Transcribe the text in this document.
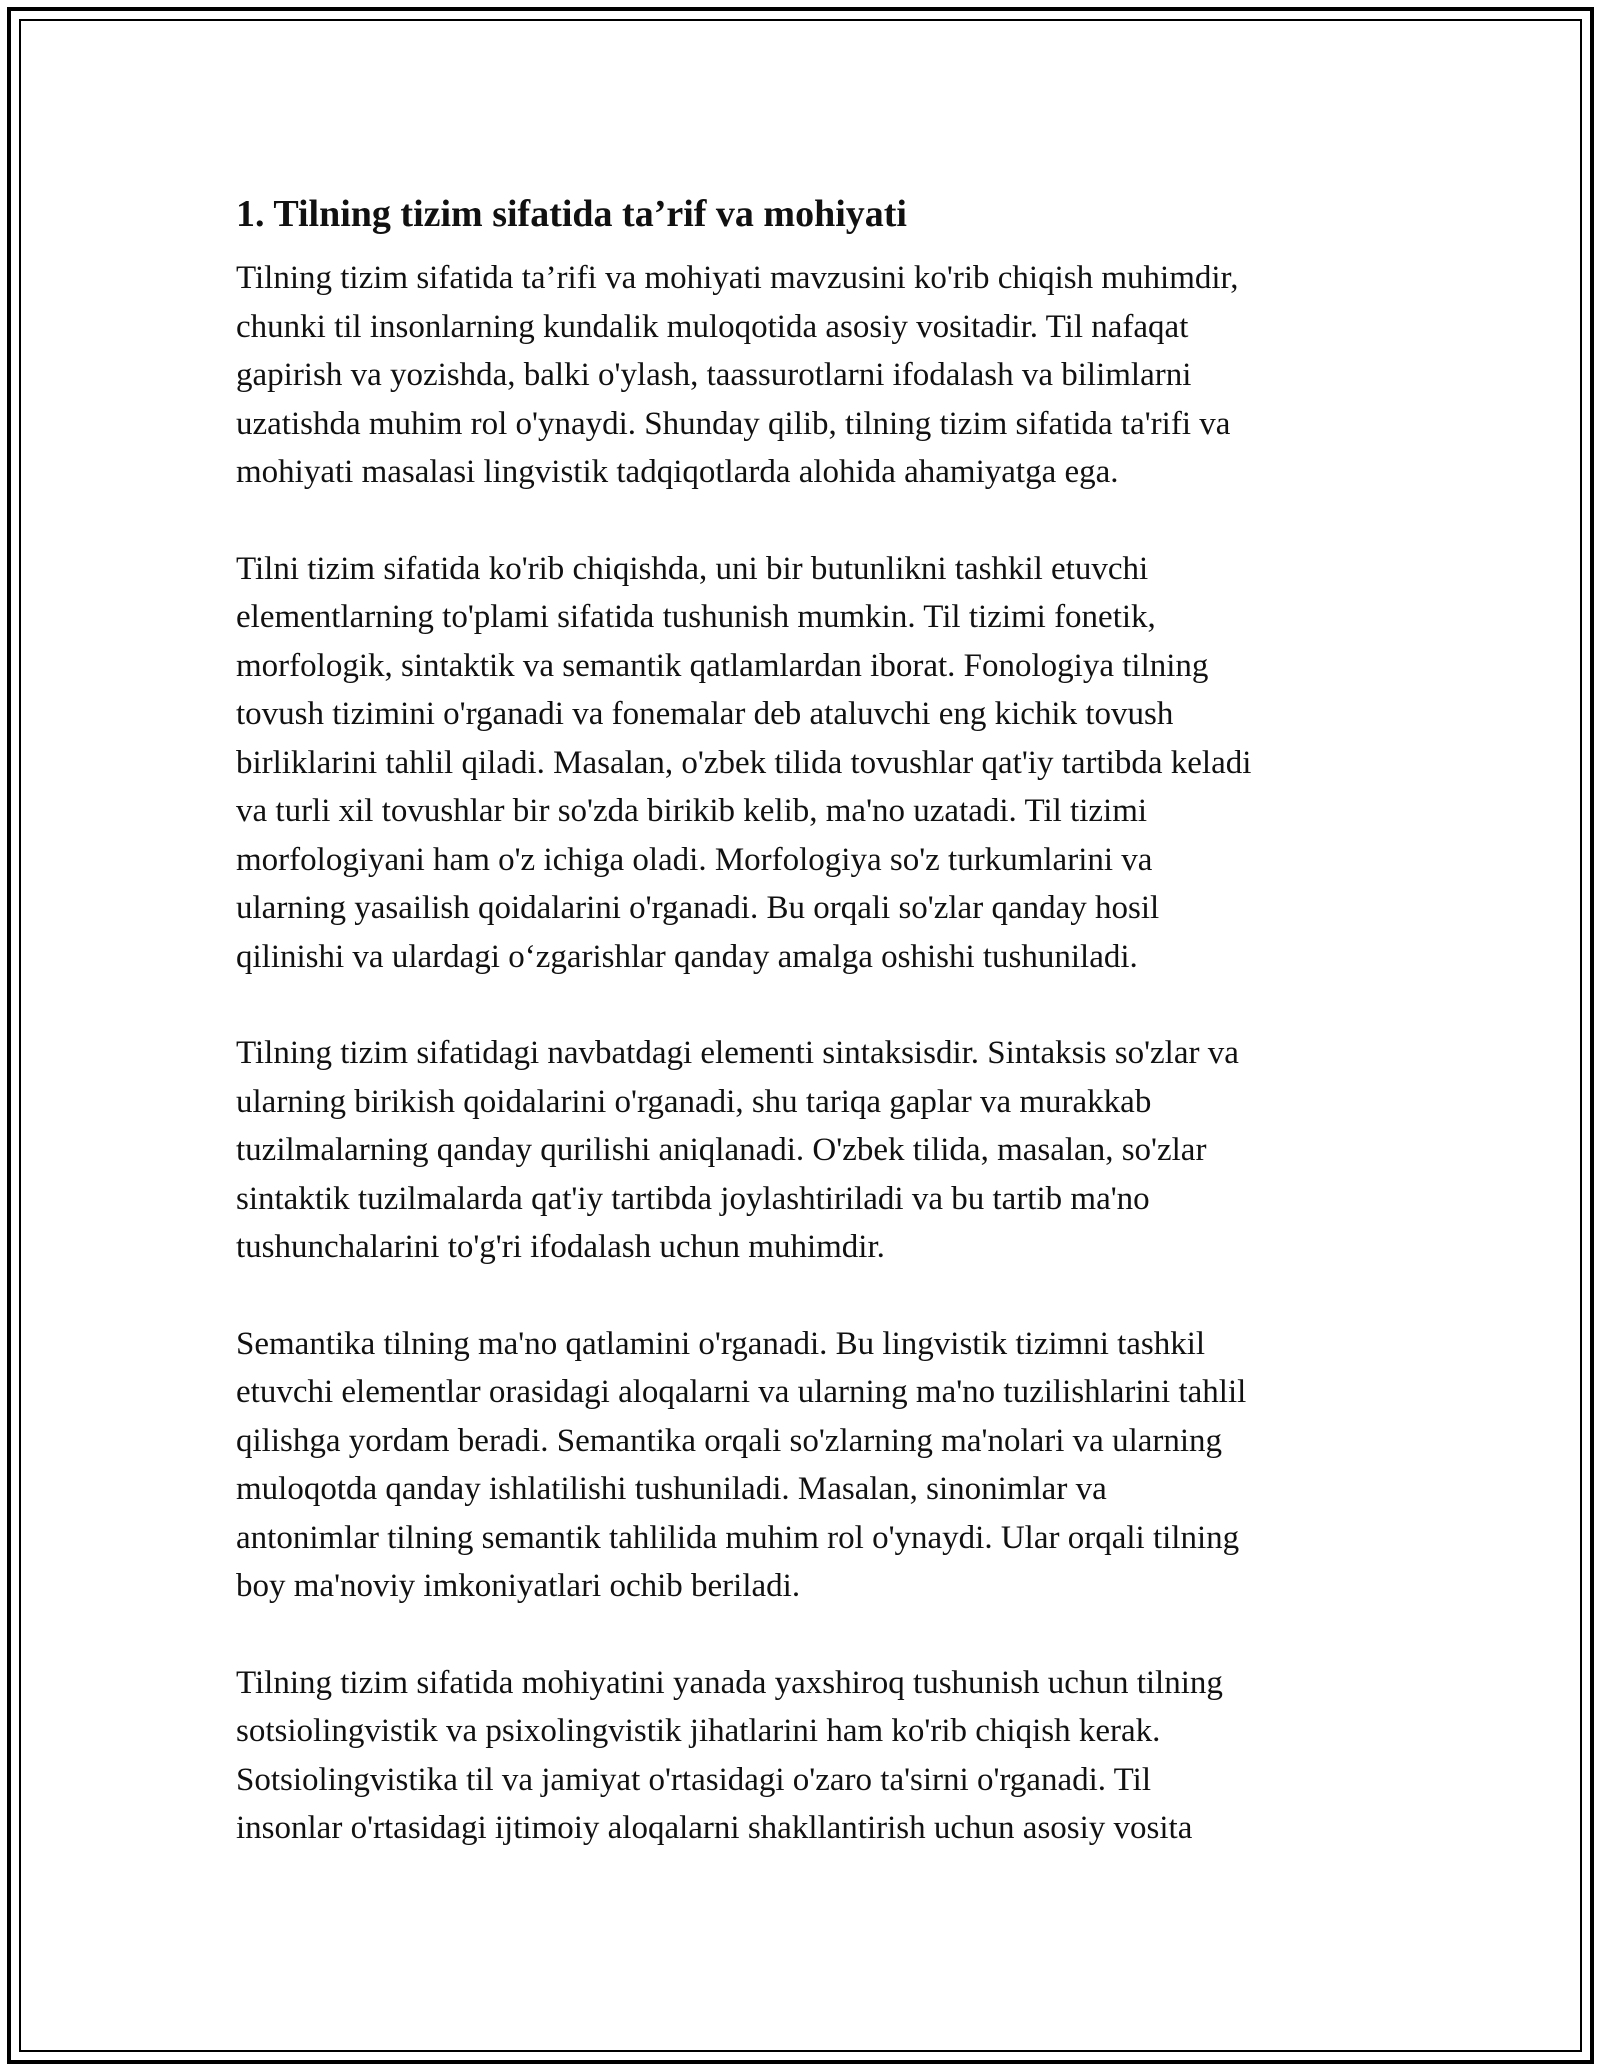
1. Tilning tizim sifatida ta’rif va mohiyati
Tilning tizim sifatida ta’rifi va mohiyati mavzusini ko'rib chiqish muhimdir,
chunki til insonlarning kundalik muloqotida asosiy vositadir. Til nafaqat
gapirish va yozishda, balki o'ylash, taassurotlarni ifodalash va bilimlarni
uzatishda muhim rol o'ynaydi. Shunday qilib, tilning tizim sifatida ta'rifi va
mohiyati masalasi lingvistik tadqiqotlarda alohida ahamiyatga ega.
Tilni tizim sifatida ko'rib chiqishda, uni bir butunlikni tashkil etuvchi
elementlarning to'plami sifatida tushunish mumkin. Til tizimi fonetik,
morfologik, sintaktik va semantik qatlamlardan iborat. Fonologiya tilning
tovush tizimini o'rganadi va fonemalar deb ataluvchi eng kichik tovush
birliklarini tahlil qiladi. Masalan, o'zbek tilida tovushlar qat'iy tartibda keladi
va turli xil tovushlar bir so'zda birikib kelib, ma'no uzatadi. Til tizimi
morfologiyani ham o'z ichiga oladi. Morfologiya so'z turkumlarini va
ularning yasailish qoidalarini o'rganadi. Bu orqali so'zlar qanday hosil
qilinishi va ulardagi o‘zgarishlar qanday amalga oshishi tushuniladi.
Tilning tizim sifatidagi navbatdagi elementi sintaksisdir. Sintaksis so'zlar va
ularning birikish qoidalarini o'rganadi, shu tariqa gaplar va murakkab
tuzilmalarning qanday qurilishi aniqlanadi. O'zbek tilida, masalan, so'zlar
sintaktik tuzilmalarda qat'iy tartibda joylashtiriladi va bu tartib ma'no
tushunchalarini to'g'ri ifodalash uchun muhimdir.
Semantika tilning ma'no qatlamini o'rganadi. Bu lingvistik tizimni tashkil
etuvchi elementlar orasidagi aloqalarni va ularning ma'no tuzilishlarini tahlil
qilishga yordam beradi. Semantika orqali so'zlarning ma'nolari va ularning
muloqotda qanday ishlatilishi tushuniladi. Masalan, sinonimlar va
antonimlar tilning semantik tahlilida muhim rol o'ynaydi. Ular orqali tilning
boy ma'noviy imkoniyatlari ochib beriladi.
Tilning tizim sifatida mohiyatini yanada yaxshiroq tushunish uchun tilning
sotsiolingvistik va psixolingvistik jihatlarini ham ko'rib chiqish kerak.
Sotsiolingvistika til va jamiyat o'rtasidagi o'zaro ta'sirni o'rganadi. Til
insonlar o'rtasidagi ijtimoiy aloqalarni shakllantirish uchun asosiy vosita
